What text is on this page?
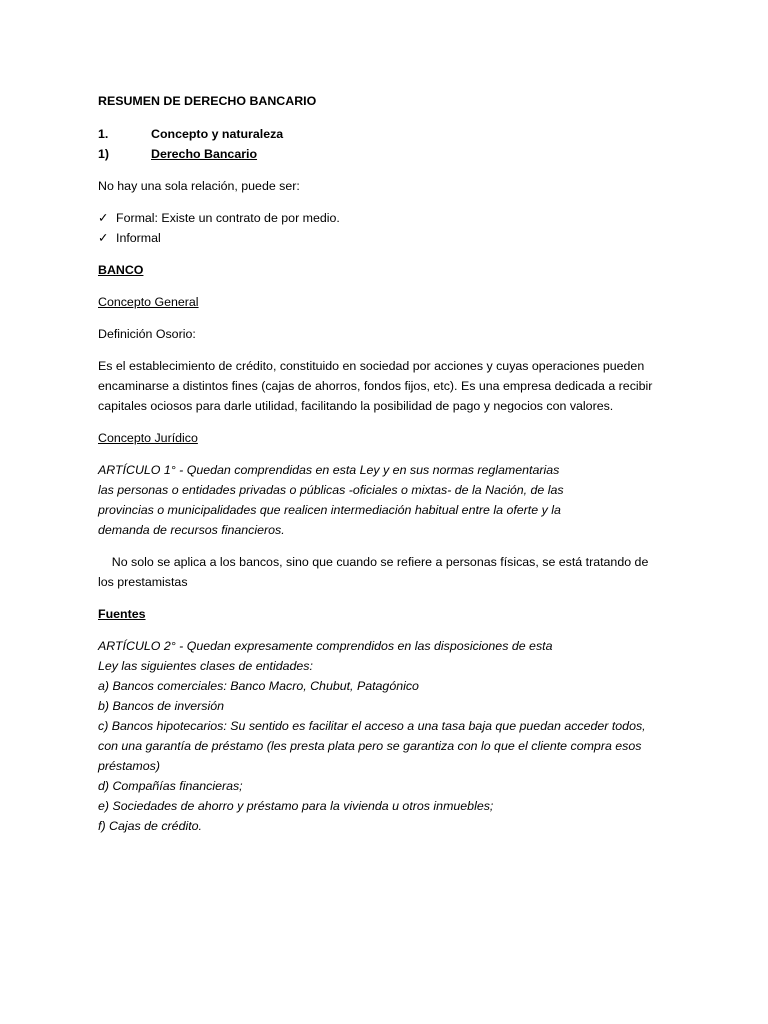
RESUMEN DE DERECHO BANCARIO
1.	Concepto y naturaleza
1)	Derecho Bancario

No hay una sola relación, puede ser:

✓ Formal: Existe un contrato de por medio.
✓ Informal

BANCO

Concepto General

Definición Osorio:

Es el establecimiento de crédito, constituido en sociedad por acciones y cuyas operaciones pueden
encaminarse a distintos fines (cajas de ahorros, fondos fijos, etc). Es una empresa dedicada a recibir
capitales ociosos para darle utilidad, facilitando la posibilidad de pago y negocios con valores.

Concepto Jurídico

ARTÍCULO 1° - Quedan comprendidas en esta Ley y en sus normas reglamentarias
las personas o entidades privadas o públicas -oficiales o mixtas- de la Nación, de las
provincias o municipalidades que realicen intermediación habitual entre la oferte y la
demanda de recursos financieros.
No solo se aplica a los bancos, sino que cuando se refiere a personas físicas, se está tratando de
los prestamistas

Fuentes

ARTÍCULO 2° - Quedan expresamente comprendidos en las disposiciones de esta
Ley las siguientes clases de entidades:
a) Bancos comerciales: Banco Macro, Chubut, Patagónico
b) Bancos de inversión
c) Bancos hipotecarios: Su sentido es facilitar el acceso a una tasa baja que puedan acceder todos,
con una garantía de préstamo (les presta plata pero se garantiza con lo que el cliente compra esos
préstamos)
d) Compañías financieras;
e) Sociedades de ahorro y préstamo para la vivienda u otros inmuebles;
f) Cajas de crédito.
